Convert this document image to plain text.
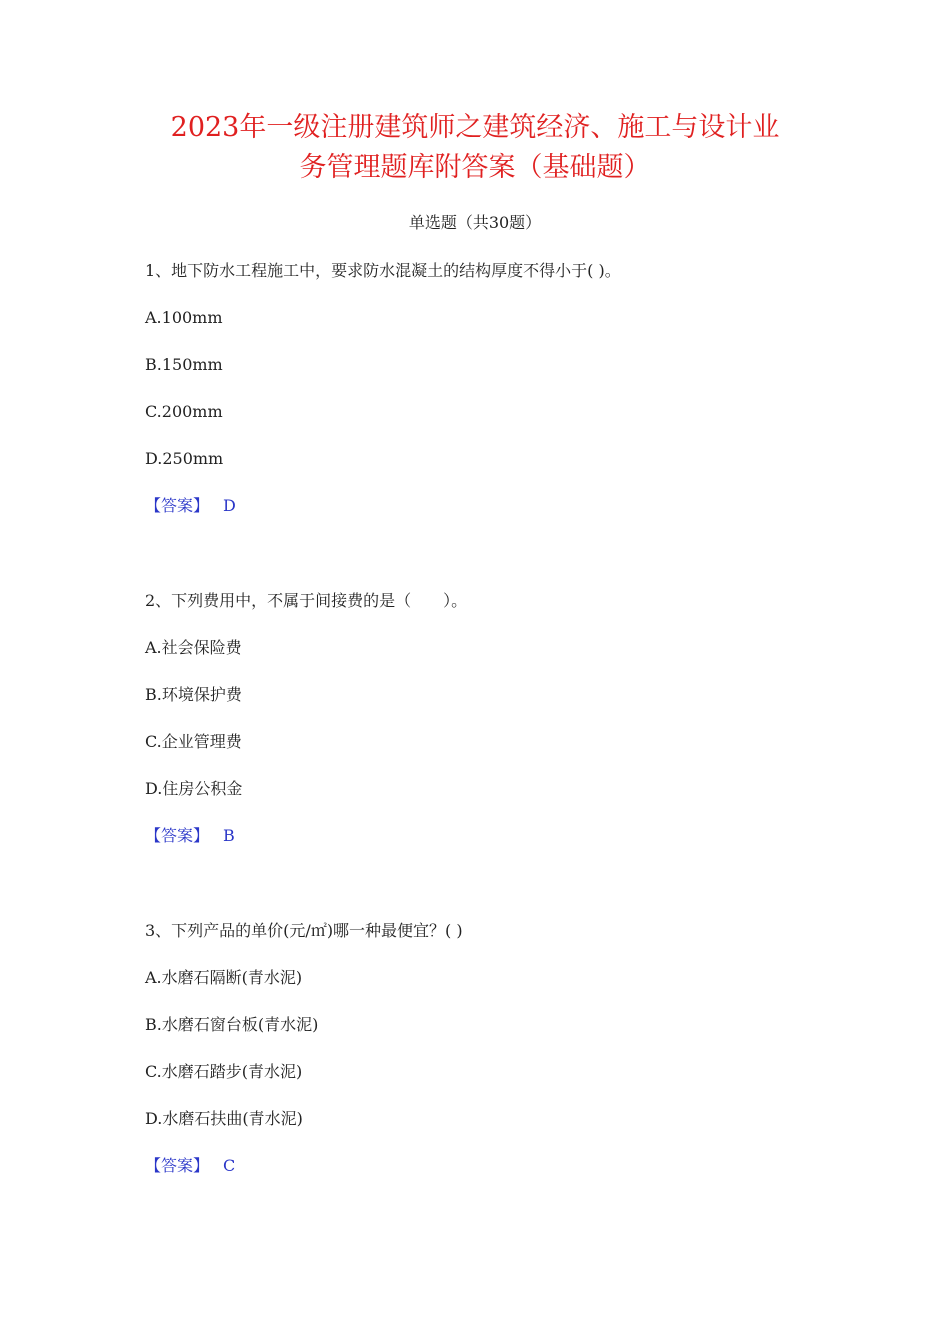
2023年一级注册建筑师之建筑经济、施工与设计业
务管理题库附答案（基础题）
单选题（共30题）
1、地下防水工程施工中，要求防水混凝土的结构厚度不得小于( )。
A.100mm
B.150mm
C.200mm
D.250mm
【答案】 D
2、下列费用中，不属于间接费的是（　　）。
A.社会保险费
B.环境保护费
C.企业管理费
D.住房公积金
【答案】 B
3、下列产品的单价(元/㎡)哪一种最便宜？( )
A.水磨石隔断(青水泥)
B.水磨石窗台板(青水泥)
C.水磨石踏步(青水泥)
D.水磨石扶曲(青水泥)
【答案】 C
